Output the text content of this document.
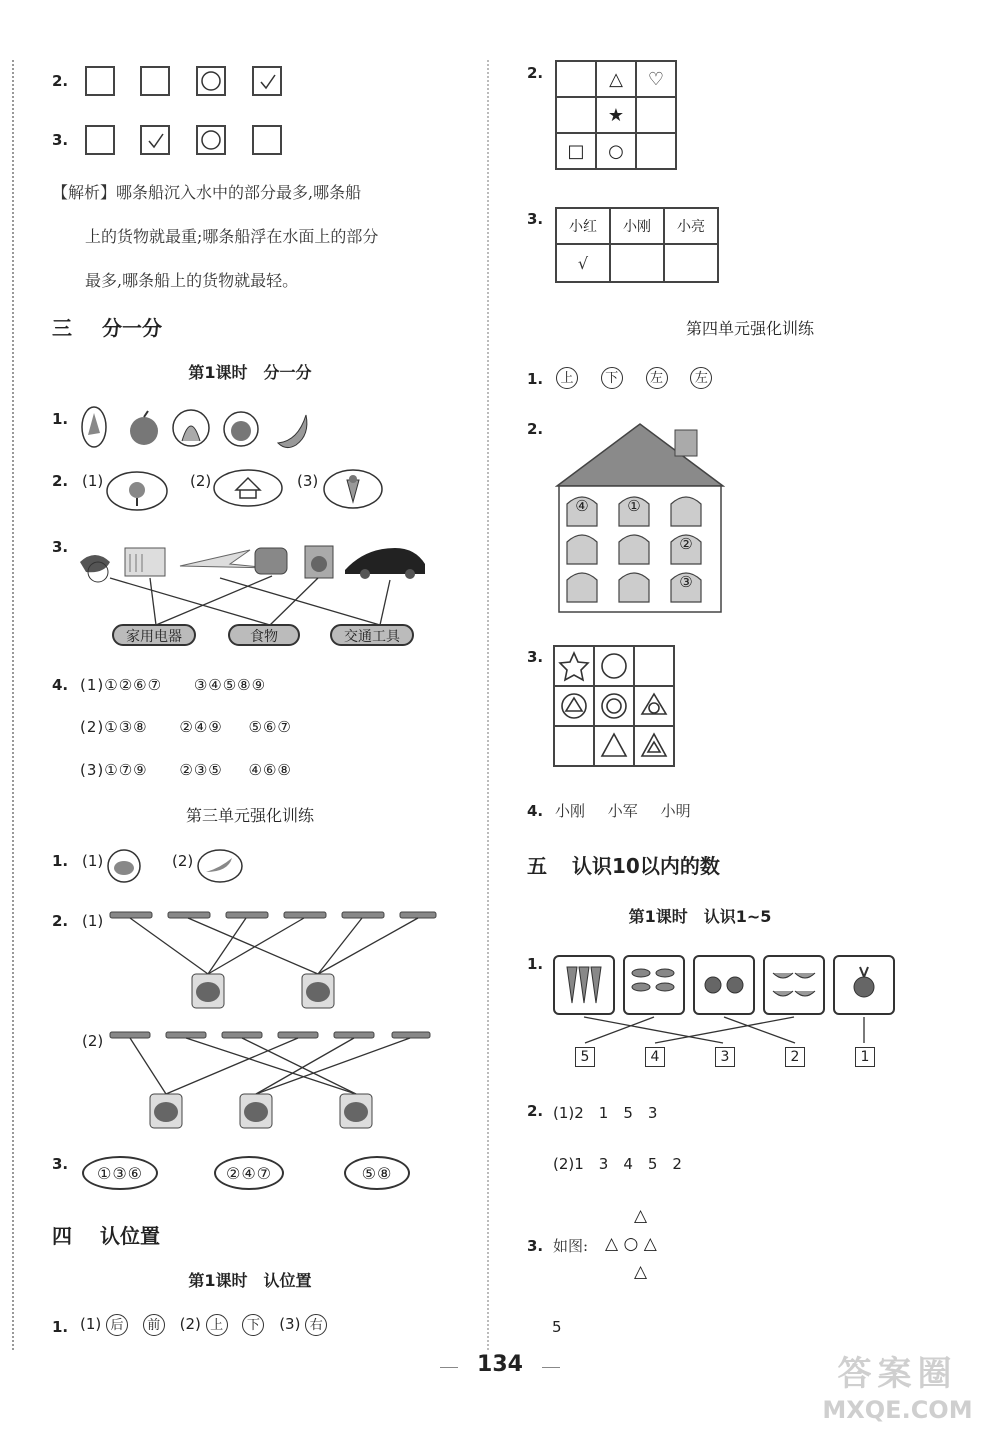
2.
3.
【解析】哪条船沉入水中的部分最多,哪条船
上的货物就最重;哪条船浮在水面上的部分
最多,哪条船上的货物就最轻。
三 分一分
第1课时　分一分
1.
2. (1)	(2)	(3)
3.
家用电器	食物	交通工具
4. (1)①②⑥⑦ ③④⑤⑧⑨
(2)①③⑧ ②④⑨ ⑤⑥⑦
(3)①⑦⑨ ②③⑤ ④⑥⑧
第三单元强化训练
1. (1)	(2)
2. (1)
(2)
3.	①③⑥	②④⑦	⑤⑧
四 认位置
第1课时　认位置
1. (1) 后 前 (2) 上 下 (3) 右
2.
		△	♡
	★	
□	○	
3. 小红	小刚	小亮
√		
第四单元强化训练
1.	上 下 左 左
2.
④	①
②
③
3.
4. 小刚 小军 小明
五 认识10以内的数
第1课时　认识1~5
1.
5	4	3	2	1
2. (1)2　1　5　3
(2)1　3　4　5　2
△
3. 如图: △ ○ △
△
5
134	答案圈
MXQE.COM
